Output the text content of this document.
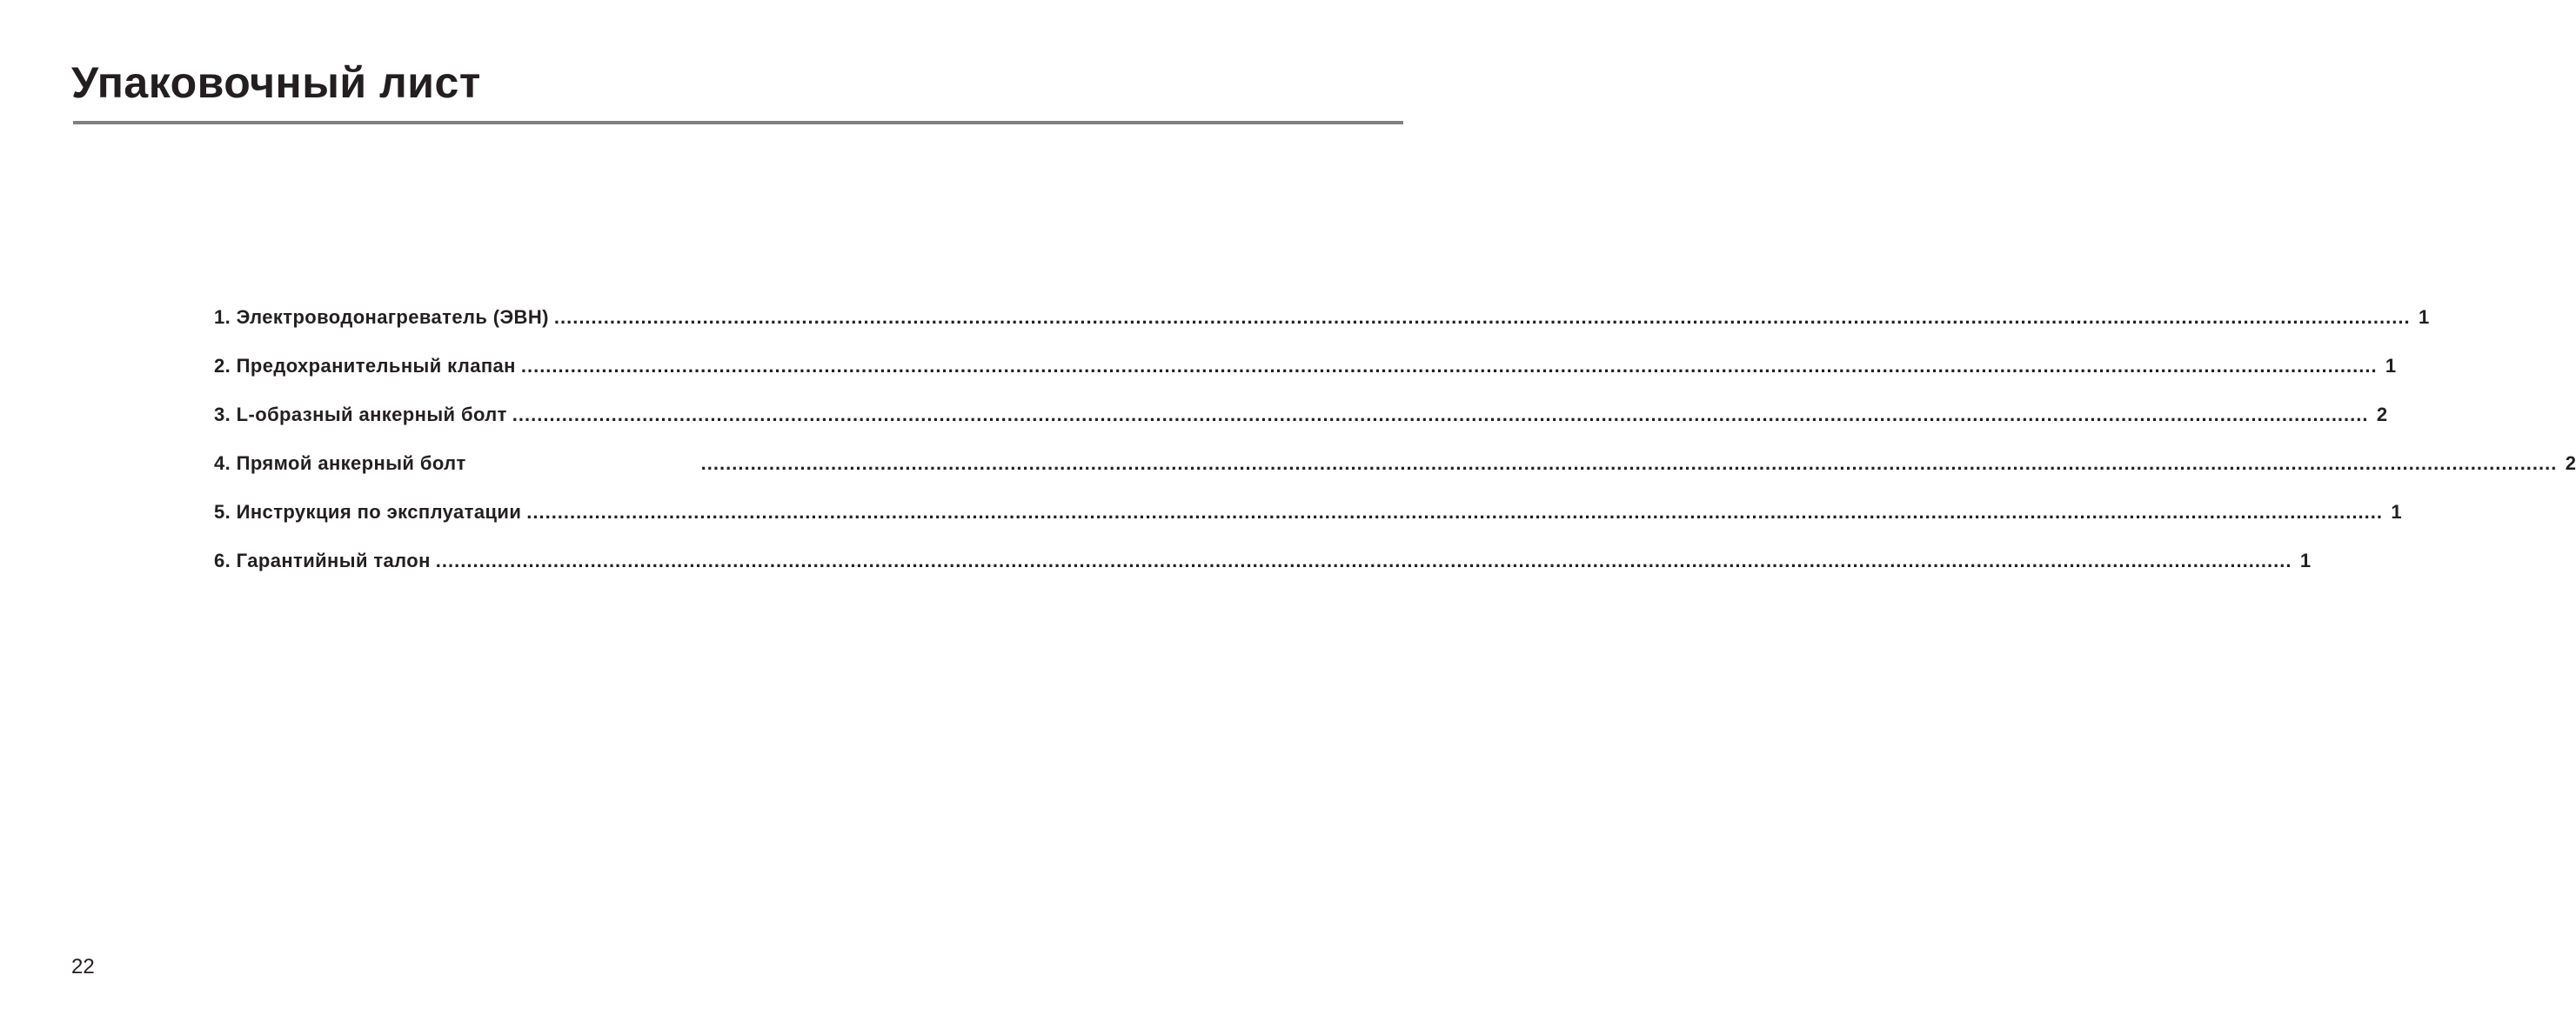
Упаковочный лист
1. Электроводонагреватель (ЭВН) ............................................................................................................................................................................................................................................................................................................ 1
2. Предохранительный клапан ............................................................................................................................................................................................................................................................................................................ 1
3. L-образный анкерный болт ............................................................................................................................................................................................................................................................................................................ 2
4. Прямой анкерный болт	............................................................................................................................................................................................................................................................................................................ 2
5. Инструкция по эксплуатации ............................................................................................................................................................................................................................................................................................................ 1
6. Гарантийный талон ............................................................................................................................................................................................................................................................................................................ 1
22
